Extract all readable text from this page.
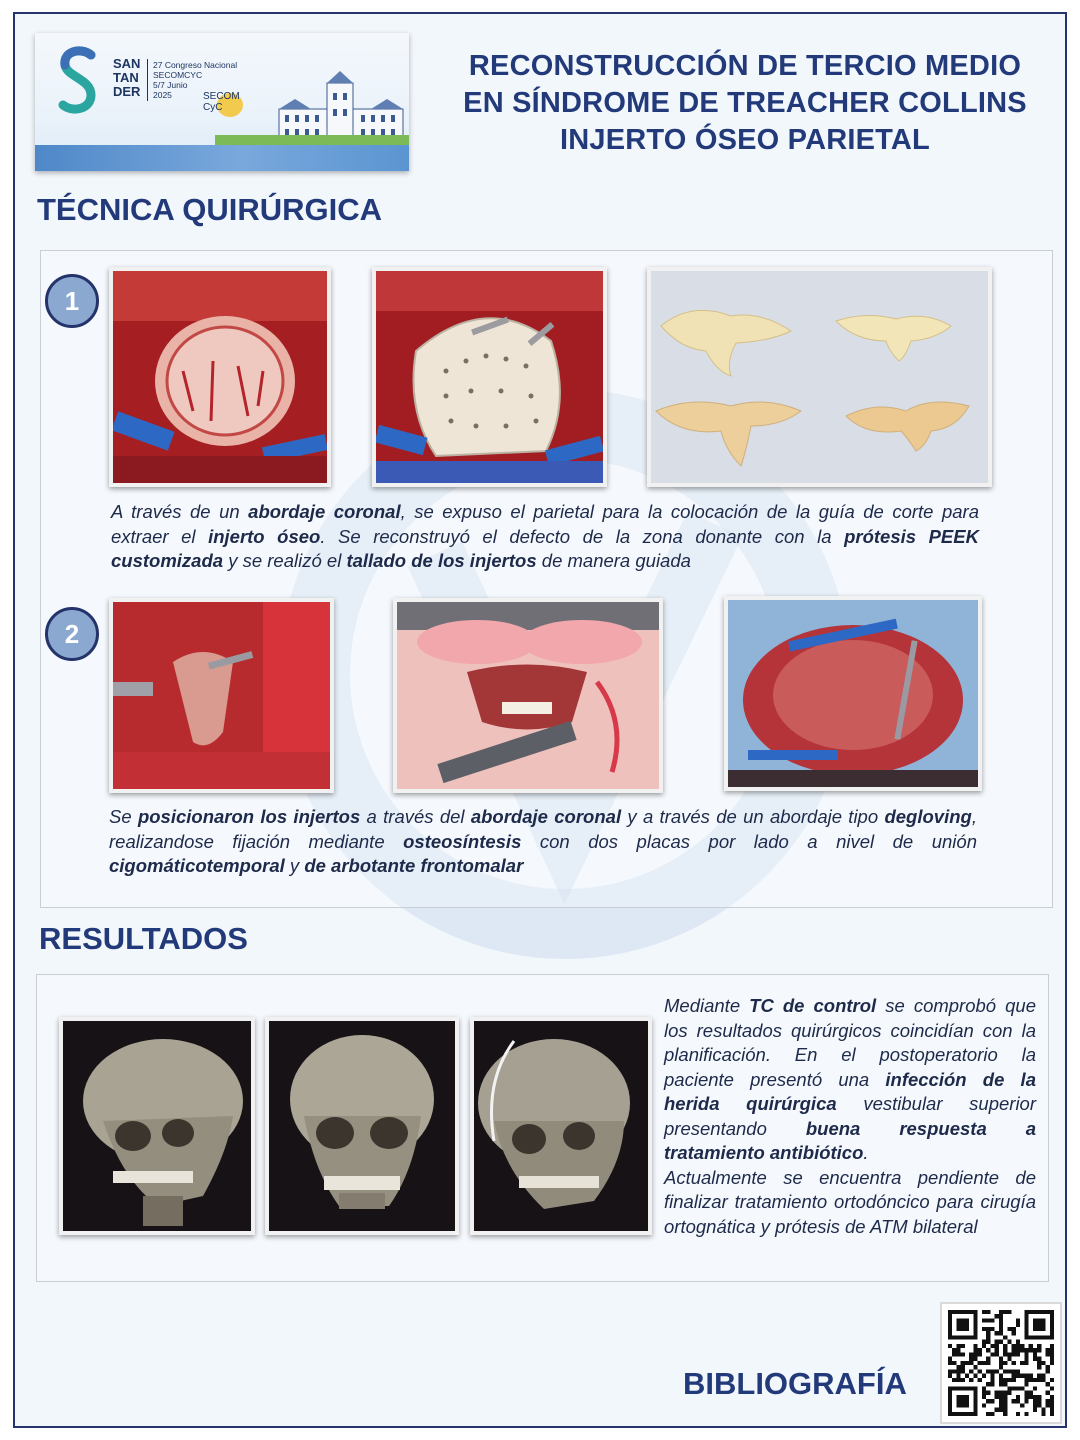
SAN
TAN
DER
27 Congreso Nacional
SECOMCYC
5/7 Junio
2025	SECOM
CyC
RECONSTRUCCIÓN DE TERCIO MEDIO
EN SÍNDROME DE TREACHER COLLINS
INJERTO ÓSEO PARIETAL
TÉCNICA QUIRÚRGICA
1
A través de un abordaje coronal, se expuso el parietal para la colocación de la guía de corte para extraer el injerto óseo. Se reconstruyó el defecto de la zona donante con la prótesis PEEK customizada y se realizó el tallado de los injertos de manera guiada
2
Se posicionaron los injertos a través del abordaje coronal y a través de un abordaje tipo degloving, realizandose fijación mediante osteosíntesis con dos placas por lado a nivel de unión cigomáticotemporal y de arbotante frontomalar
RESULTADOS
Mediante TC de control se comprobó que los resultados quirúrgicos coincidían con la planificación. En el postoperatorio la paciente presentó una infección de la herida quirúrgica vestibular superior presentando buena respuesta a tratamiento antibiótico.
Actualmente se encuentra pendiente de finalizar tratamiento ortodóncico para cirugía ortognática y prótesis de ATM bilateral
BIBLIOGRAFÍA
